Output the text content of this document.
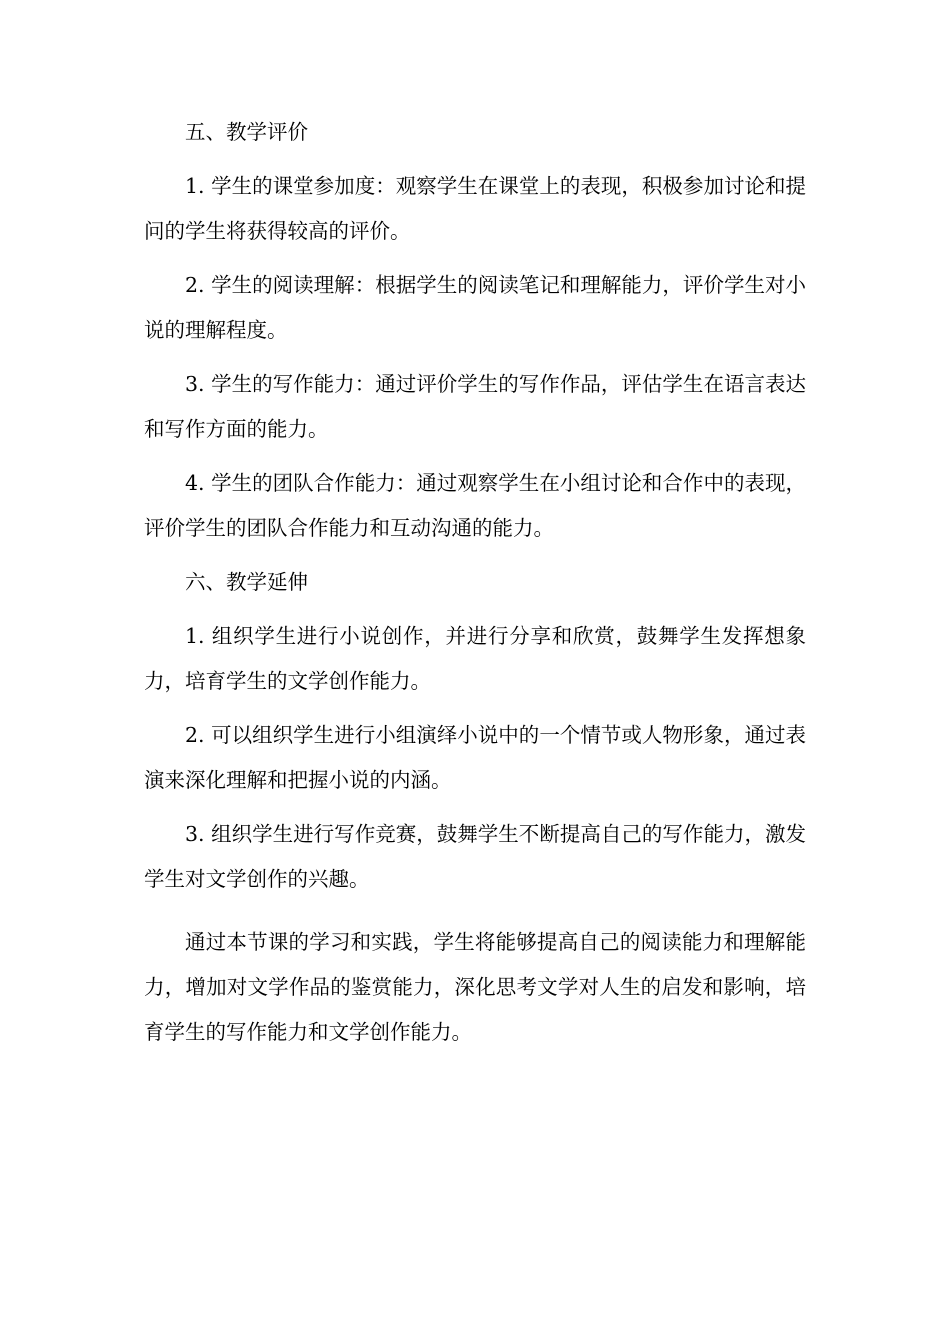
五、教学评价

1. 学生的课堂参加度：观察学生在课堂上的表现，积极参加讨论和提问的学生将获得较高的评价。

2. 学生的阅读理解：根据学生的阅读笔记和理解能力，评价学生对小说的理解程度。

3. 学生的写作能力：通过评价学生的写作作品，评估学生在语言表达和写作方面的能力。

4. 学生的团队合作能力：通过观察学生在小组讨论和合作中的表现，评价学生的团队合作能力和互动沟通的能力。

六、教学延伸

1. 组织学生进行小说创作，并进行分享和欣赏，鼓舞学生发挥想象力，培育学生的文学创作能力。

2. 可以组织学生进行小组演绎小说中的一个情节或人物形象，通过表演来深化理解和把握小说的内涵。

3. 组织学生进行写作竞赛，鼓舞学生不断提高自己的写作能力，激发学生对文学创作的兴趣。

通过本节课的学习和实践，学生将能够提高自己的阅读能力和理解能力，增加对文学作品的鉴赏能力，深化思考文学对人生的启发和影响，培育学生的写作能力和文学创作能力。
